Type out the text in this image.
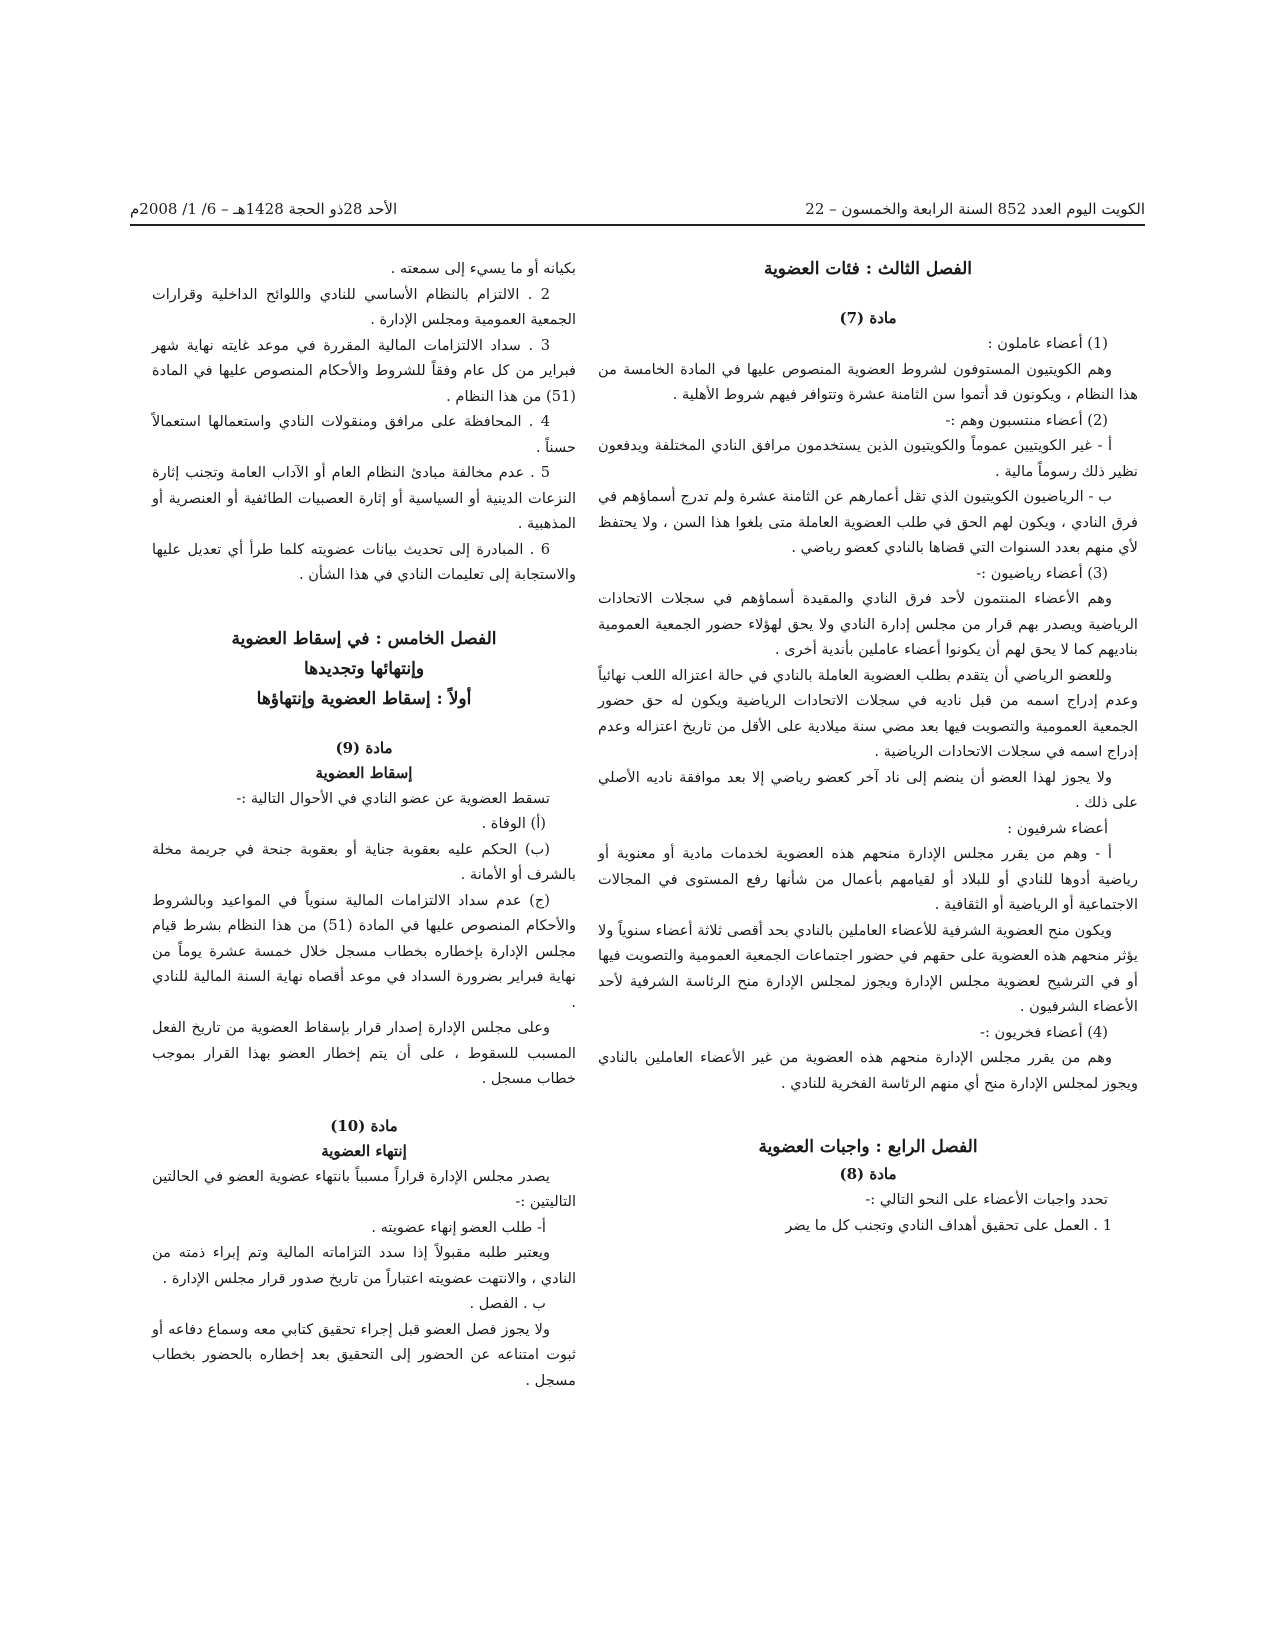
الكويت اليوم العدد 852 السنة الرابعة والخمسون – 22
الأحد 28ذو الحجة 1428هـ – 6/ 1/ 2008م

الفصل الثالث : فئات العضوية

مادة (7)

(1) أعضاء عاملون :

وهم الكويتيون المستوفون لشروط العضوية المنصوص عليها في المادة الخامسة من هذا النظام ، ويكونون قد أتموا سن الثامنة عشرة وتتوافر فيهم شروط الأهلية .

(2) أعضاء منتسبون وهم :-

أ - غير الكويتيين عموماً والكويتيون الذين يستخدمون مرافق النادي المختلفة ويدفعون نظير ذلك رسوماً مالية .

ب - الرياضيون الكويتيون الذي تقل أعمارهم عن الثامنة عشرة ولم تدرج أسماؤهم في فرق النادي ، ويكون لهم الحق في طلب العضوية العاملة متى بلغوا هذا السن ، ولا يحتفظ لأي منهم بعدد السنوات التي قضاها بالنادي كعضو رياضي .

(3) أعضاء رياضيون :-

وهم الأعضاء المنتمون لأحد فرق النادي والمقيدة أسماؤهم في سجلات الاتحادات الرياضية ويصدر بهم قرار من مجلس إدارة النادي ولا يحق لهؤلاء حضور الجمعية العمومية بناديهم كما لا يحق لهم أن يكونوا أعضاء عاملين بأندية أخرى .

وللعضو الرياضي أن يتقدم بطلب العضوية العاملة بالنادي في حالة اعتزاله اللعب نهائياً وعدم إدراج اسمه من قبل ناديه في سجلات الاتحادات الرياضية ويكون له حق حضور الجمعية العمومية والتصويت فيها بعد مضي سنة ميلادية على الأقل من تاريخ اعتزاله وعدم إدراج اسمه في سجلات الاتحادات الرياضية .

ولا يجوز لهذا العضو أن ينضم إلى ناد آخر كعضو رياضي إلا بعد موافقة ناديه الأصلي على ذلك .

أعضاء شرفيون :

أ - وهم من يقرر مجلس الإدارة منحهم هذه العضوية لخدمات مادية أو معنوية أو رياضية أدوها للنادي أو للبلاد أو لقيامهم بأعمال من شأنها رفع المستوى في المجالات الاجتماعية أو الرياضية أو الثقافية .

ويكون منح العضوية الشرفية للأعضاء العاملين بالنادي بحد أقصى ثلاثة أعضاء سنوياً ولا يؤثر منحهم هذه العضوية على حقهم في حضور اجتماعات الجمعية العمومية والتصويت فيها أو في الترشيح لعضوية مجلس الإدارة ويجوز لمجلس الإدارة منح الرئاسة الشرفية لأحد الأعضاء الشرفيون .

(4) أعضاء فخريون :-

وهم من يقرر مجلس الإدارة منحهم هذه العضوية من غير الأعضاء العاملين بالنادي ويجوز لمجلس الإدارة منح أي منهم الرئاسة الفخرية للنادي .

الفصل الرابع : واجبات العضوية

مادة (8)

تحدد واجبات الأعضاء على النحو التالي :-

1 . العمل على تحقيق أهداف النادي وتجنب كل ما يضر

بكيانه أو ما يسيء إلى سمعته .

2 . الالتزام بالنظام الأساسي للنادي واللوائح الداخلية وقرارات الجمعية العمومية ومجلس الإدارة .

3 . سداد الالتزامات المالية المقررة في موعد غايته نهاية شهر فبراير من كل عام وفقاً للشروط والأحكام المنصوص عليها في المادة (51) من هذا النظام .

4 . المحافظة على مرافق ومنقولات النادي واستعمالها استعمالاً حسناً .

5 . عدم مخالفة مبادئ النظام العام أو الآداب العامة وتجنب إثارة النزعات الدينية أو السياسية أو إثارة العصبيات الطائفية أو العنصرية أو المذهبية .

6 . المبادرة إلى تحديث بيانات عضويته كلما طرأ أي تعديل عليها والاستجابة إلى تعليمات النادي في هذا الشأن .

الفصل الخامس : في إسقاط العضوية

وإنتهائها وتجديدها

أولاً : إسقاط العضوية وإنتهاؤها

مادة (9)

إسقاط العضوية

تسقط العضوية عن عضو النادي في الأحوال التالية :-

(أ) الوفاة .

(ب) الحكم عليه بعقوبة جناية أو بعقوبة جنحة في جريمة مخلة بالشرف أو الأمانة .

(ج) عدم سداد الالتزامات المالية سنوياً في المواعيد وبالشروط والأحكام المنصوص عليها في المادة (51) من هذا النظام بشرط قيام مجلس الإدارة بإخطاره بخطاب مسجل خلال خمسة عشرة يوماً من نهاية فبراير بضرورة السداد في موعد أقصاه نهاية السنة المالية للنادي .

وعلى مجلس الإدارة إصدار قرار بإسقاط العضوية من تاريخ الفعل المسبب للسقوط ، على أن يتم إخطار العضو بهذا القرار بموجب خطاب مسجل .

مادة (10)

إنتهاء العضوية

يصدر مجلس الإدارة قراراً مسبباً بانتهاء عضوية العضو في الحالتين التاليتين :-

أ- طلب العضو إنهاء عضويته .

ويعتبر طلبه مقبولاً إذا سدد التزاماته المالية وتم إبراء ذمته من النادي ، والانتهت عضويته اعتباراً من تاريخ صدور قرار مجلس الإدارة .

ب . الفصل .

ولا يجوز فصل العضو قبل إجراء تحقيق كتابي معه وسماع دفاعه أو ثبوت امتناعه عن الحضور إلى التحقيق بعد إخطاره بالحضور بخطاب مسجل .
